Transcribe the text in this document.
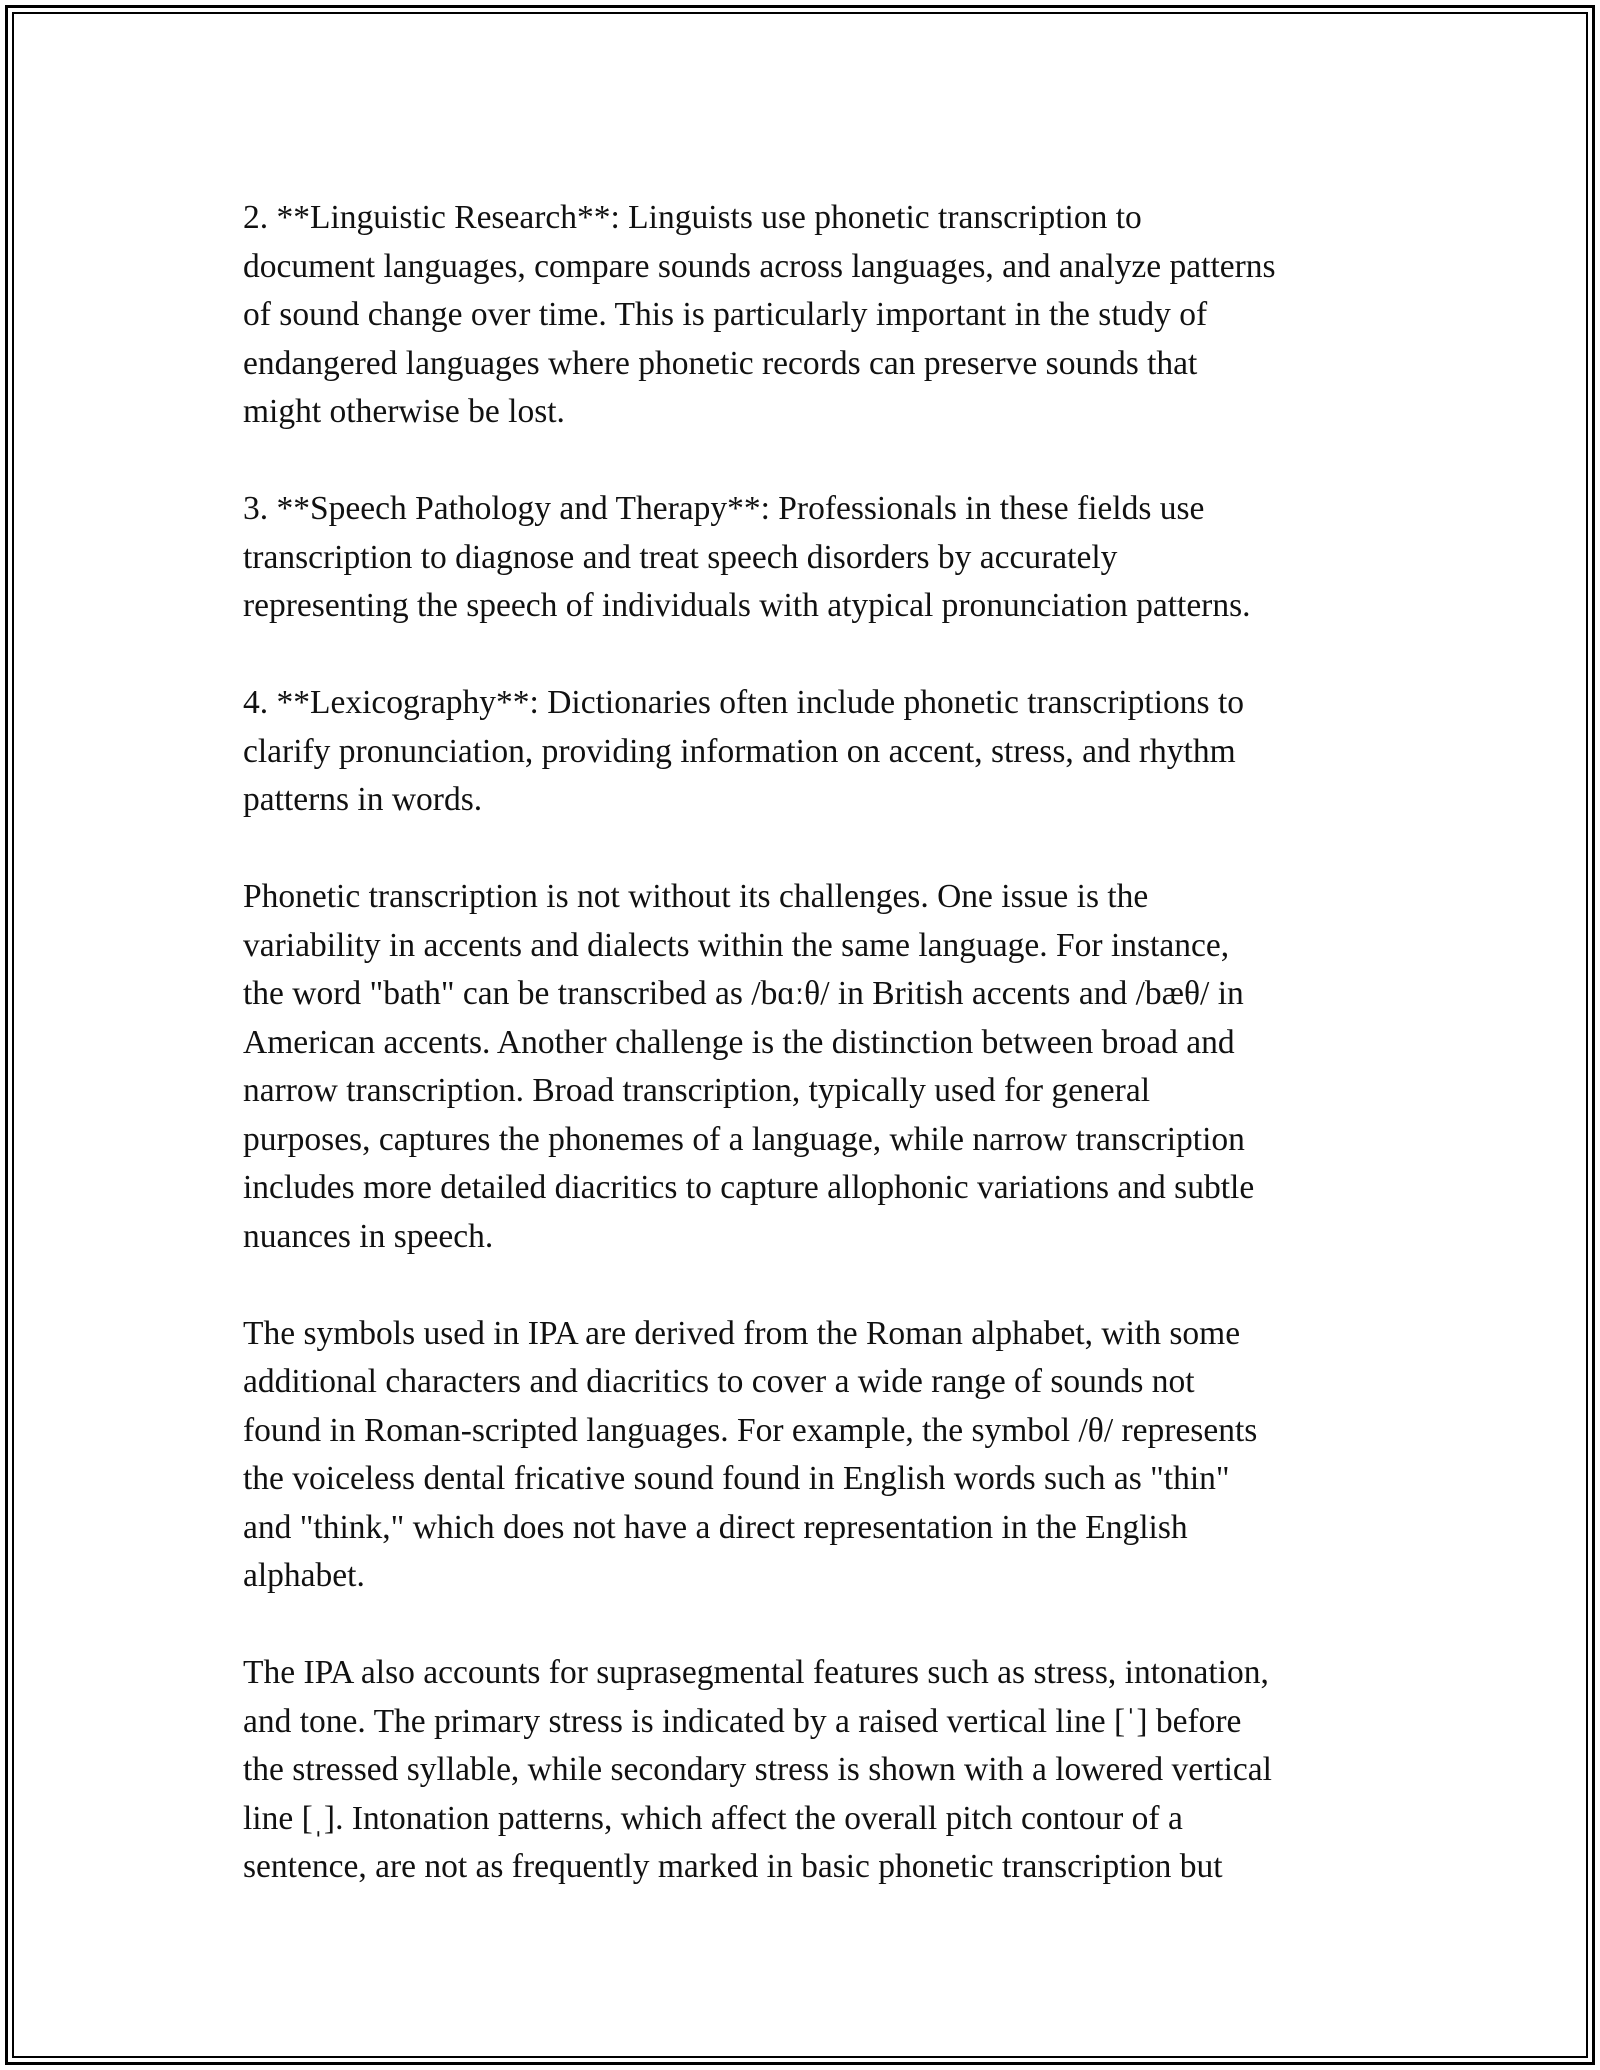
2. **Linguistic Research**: Linguists use phonetic transcription to
document languages, compare sounds across languages, and analyze patterns
of sound change over time. This is particularly important in the study of
endangered languages where phonetic records can preserve sounds that
might otherwise be lost.

3. **Speech Pathology and Therapy**: Professionals in these fields use
transcription to diagnose and treat speech disorders by accurately
representing the speech of individuals with atypical pronunciation patterns.

4. **Lexicography**: Dictionaries often include phonetic transcriptions to
clarify pronunciation, providing information on accent, stress, and rhythm
patterns in words.

Phonetic transcription is not without its challenges. One issue is the
variability in accents and dialects within the same language. For instance,
the word "bath" can be transcribed as /bɑːθ/ in British accents and /bæθ/ in
American accents. Another challenge is the distinction between broad and
narrow transcription. Broad transcription, typically used for general
purposes, captures the phonemes of a language, while narrow transcription
includes more detailed diacritics to capture allophonic variations and subtle
nuances in speech.

The symbols used in IPA are derived from the Roman alphabet, with some
additional characters and diacritics to cover a wide range of sounds not
found in Roman-scripted languages. For example, the symbol /θ/ represents
the voiceless dental fricative sound found in English words such as "thin"
and "think," which does not have a direct representation in the English
alphabet.

The IPA also accounts for suprasegmental features such as stress, intonation,
and tone. The primary stress is indicated by a raised vertical line [ˈ] before
the stressed syllable, while secondary stress is shown with a lowered vertical
line [ˌ]. Intonation patterns, which affect the overall pitch contour of a
sentence, are not as frequently marked in basic phonetic transcription but
